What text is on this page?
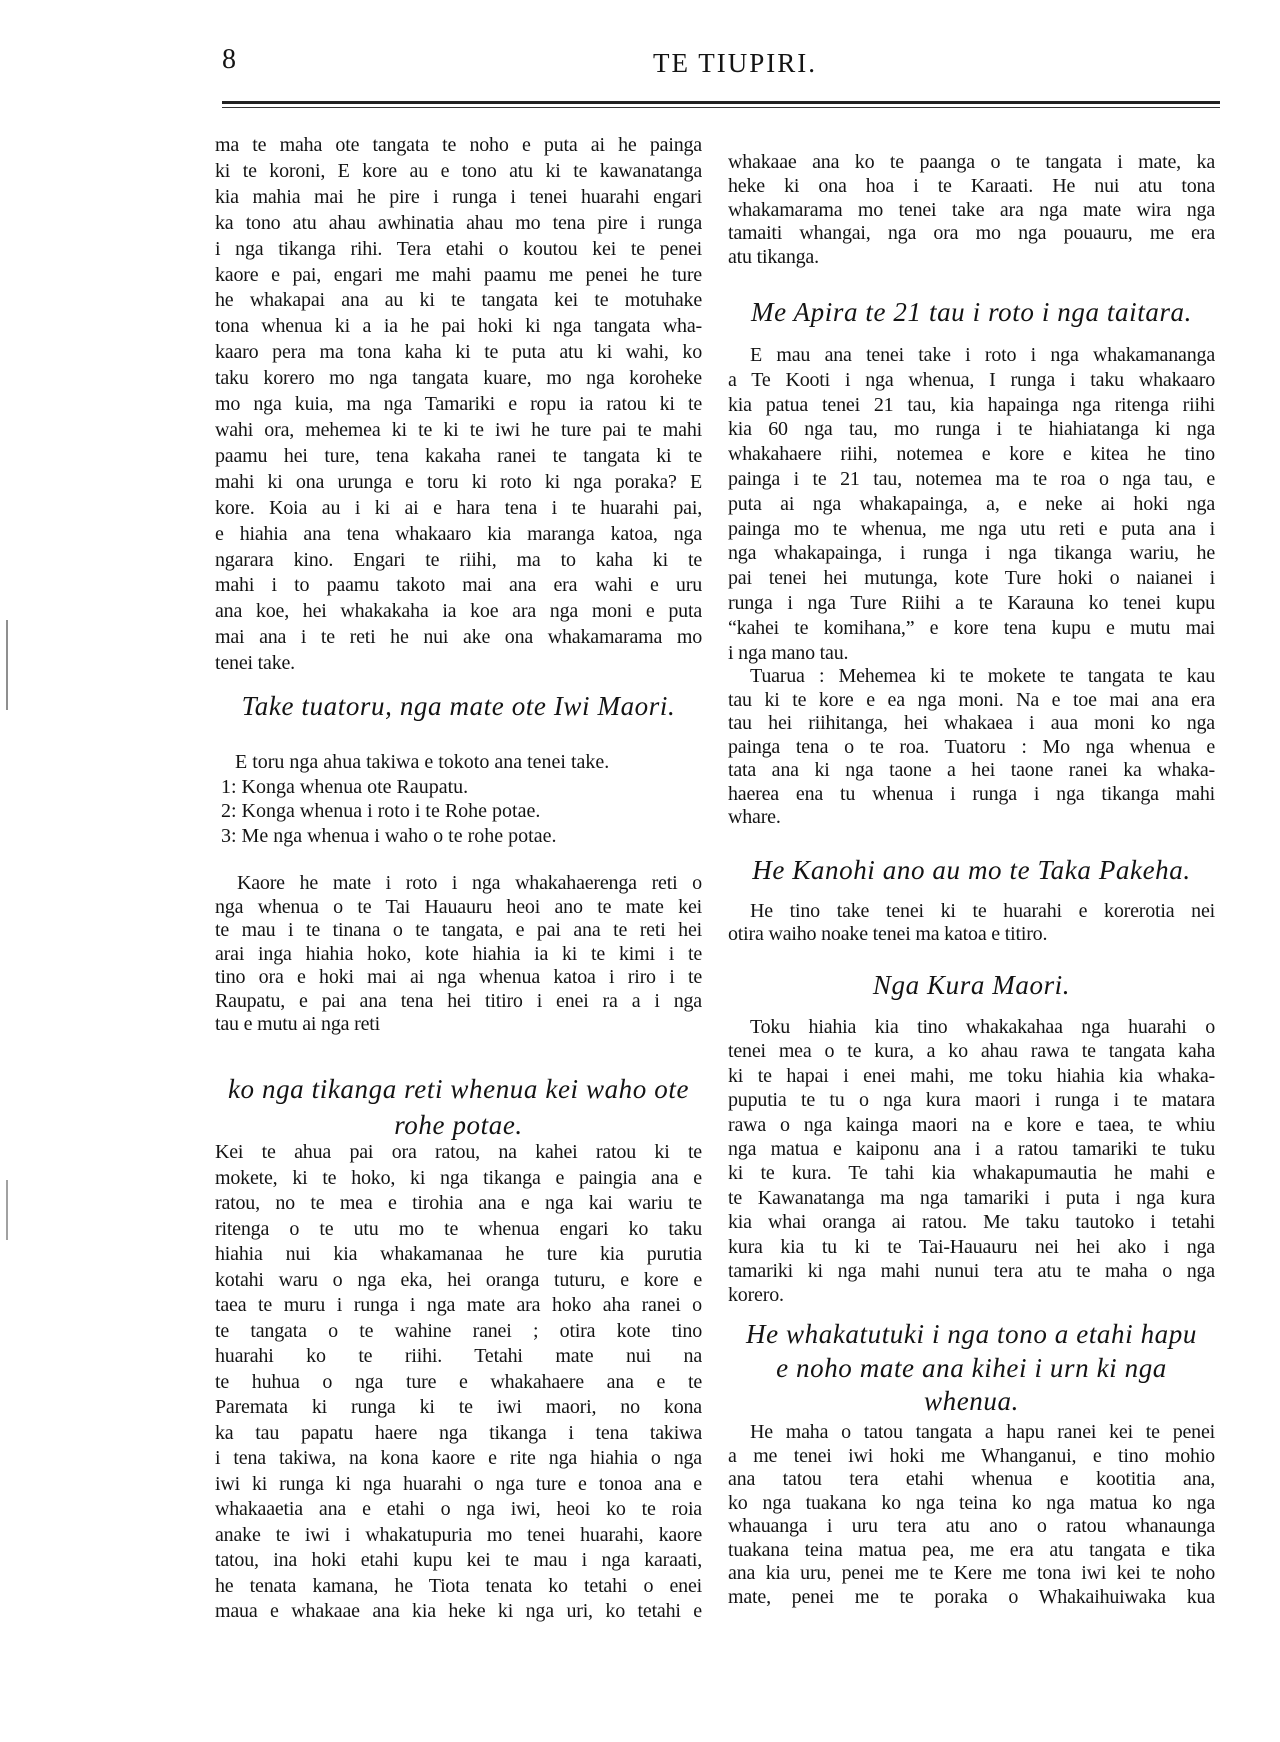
8	TE TIUPIRI.
ma te maha ote tangata te noho e puta ai he painga
ki te koroni, E kore au e tono atu ki te kawanatanga
kia mahia mai he pire i runga i tenei huarahi engari
ka tono atu ahau awhinatia ahau mo tena pire i runga
i nga tikanga rihi. Tera etahi o koutou kei te penei
kaore e pai, engari me mahi paamu me penei he ture
he whakapai ana au ki te tangata kei te motuhake
tona whenua ki a ia he pai hoki ki nga tangata wha-
kaaro pera ma tona kaha ki te puta atu ki wahi, ko
taku korero mo nga tangata kuare, mo nga koroheke
mo nga kuia, ma nga Tamariki e ropu ia ratou ki te
wahi ora, mehemea ki te ki te iwi he ture pai te mahi
paamu hei ture, tena kakaha ranei te tangata ki te
mahi ki ona urunga e toru ki roto ki nga poraka? E
kore. Koia au i ki ai e hara tena i te huarahi pai,
e hiahia ana tena whakaaro kia maranga katoa, nga
ngarara kino. Engari te riihi, ma to kaha ki te
mahi i to paamu takoto mai ana era wahi e uru
ana koe, hei whakakaha ia koe ara nga moni e puta
mai ana i te reti he nui ake ona whakamarama mo
tenei take.
Take tuatoru, nga mate ote Iwi Maori.
E toru nga ahua takiwa e tokoto ana tenei take.
1: Konga whenua ote Raupatu.
2: Konga whenua i roto i te Rohe potae.
3: Me nga whenua i waho o te rohe potae.
Kaore he mate i roto i nga whakahaerenga reti o
nga whenua o te Tai Hauauru heoi ano te mate kei
te mau i te tinana o te tangata, e pai ana te reti hei
arai inga hiahia hoko, kote hiahia ia ki te kimi i te
tino ora e hoki mai ai nga whenua katoa i riro i te
Raupatu, e pai ana tena hei titiro i enei ra a i nga
tau e mutu ai nga reti
ko nga tikanga reti whenua kei waho ote
rohe potae.
Kei te ahua pai ora ratou, na kahei ratou ki te
mokete, ki te hoko, ki nga tikanga e paingia ana e
ratou, no te mea e tirohia ana e nga kai wariu te
ritenga o te utu mo te whenua engari ko taku
hiahia nui kia whakamanaa he ture kia purutia
kotahi waru o nga eka, hei oranga tuturu, e kore e
taea te muru i runga i nga mate ara hoko aha ranei o
te tangata o te wahine ranei ; otira kote tino
huarahi ko te riihi. Tetahi mate nui na
te huhua o nga ture e whakahaere ana e te
Paremata ki runga ki te iwi maori, no kona
ka tau papatu haere nga tikanga i tena takiwa
i tena takiwa, na kona kaore e rite nga hiahia o nga
iwi ki runga ki nga huarahi o nga ture e tonoa ana e
whakaaetia ana e etahi o nga iwi, heoi ko te roia
anake te iwi i whakatupuria mo tenei huarahi, kaore
tatou, ina hoki etahi kupu kei te mau i nga karaati,
he tenata kamana, he Tiota tenata ko tetahi o enei
maua e whakaae ana kia heke ki nga uri, ko tetahi e
whakaae ana ko te paanga o te tangata i mate, ka
heke ki ona hoa i te Karaati. He nui atu tona
whakamarama mo tenei take ara nga mate wira nga
tamaiti whangai, nga ora mo nga pouauru, me era
atu tikanga.
Me Apira te 21 tau i roto i nga taitara.
E mau ana tenei take i roto i nga whakamananga
a Te Kooti i nga whenua, I runga i taku whakaaro
kia patua tenei 21 tau, kia hapainga nga ritenga riihi
kia 60 nga tau, mo runga i te hiahiatanga ki nga
whakahaere riihi, notemea e kore e kitea he tino
painga i te 21 tau, notemea ma te roa o nga tau, e
puta ai nga whakapainga, a, e neke ai hoki nga
painga mo te whenua, me nga utu reti e puta ana i
nga whakapainga, i runga i nga tikanga wariu, he
pai tenei hei mutunga, kote Ture hoki o naianei i
runga i nga Ture Riihi a te Karauna ko tenei kupu
“kahei te komihana,” e kore tena kupu e mutu mai
i nga mano tau.
Tuarua : Mehemea ki te mokete te tangata te kau
tau ki te kore e ea nga moni. Na e toe mai ana era
tau hei riihitanga, hei whakaea i aua moni ko nga
painga tena o te roa. Tuatoru : Mo nga whenua e
tata ana ki nga taone a hei taone ranei ka whaka-
haerea ena tu whenua i runga i nga tikanga mahi
whare.
He Kanohi ano au mo te Taka Pakeha.
He tino take tenei ki te huarahi e korerotia nei
otira waiho noake tenei ma katoa e titiro.
Nga Kura Maori.
Toku hiahia kia tino whakakahaa nga huarahi o
tenei mea o te kura, a ko ahau rawa te tangata kaha
ki te hapai i enei mahi, me toku hiahia kia whaka-
puputia te tu o nga kura maori i runga i te matara
rawa o nga kainga maori na e kore e taea, te whiu
nga matua e kaiponu ana i a ratou tamariki te tuku
ki te kura. Te tahi kia whakapumautia he mahi e
te Kawanatanga ma nga tamariki i puta i nga kura
kia whai oranga ai ratou. Me taku tautoko i tetahi
kura kia tu ki te Tai-Hauauru nei hei ako i nga
tamariki ki nga mahi nunui tera atu te maha o nga
korero.
He whakatutuki i nga tono a etahi hapu
e noho mate ana kihei i urn ki nga
whenua.
He maha o tatou tangata a hapu ranei kei te penei
a me tenei iwi hoki me Whanganui, e tino mohio
ana tatou tera etahi whenua e kootitia ana,
ko nga tuakana ko nga teina ko nga matua ko nga
whauanga i uru tera atu ano o ratou whanaunga
tuakana teina matua pea, me era atu tangata e tika
ana kia uru, penei me te Kere me tona iwi kei te noho
mate, penei me te poraka o Whakaihuiwaka kua
